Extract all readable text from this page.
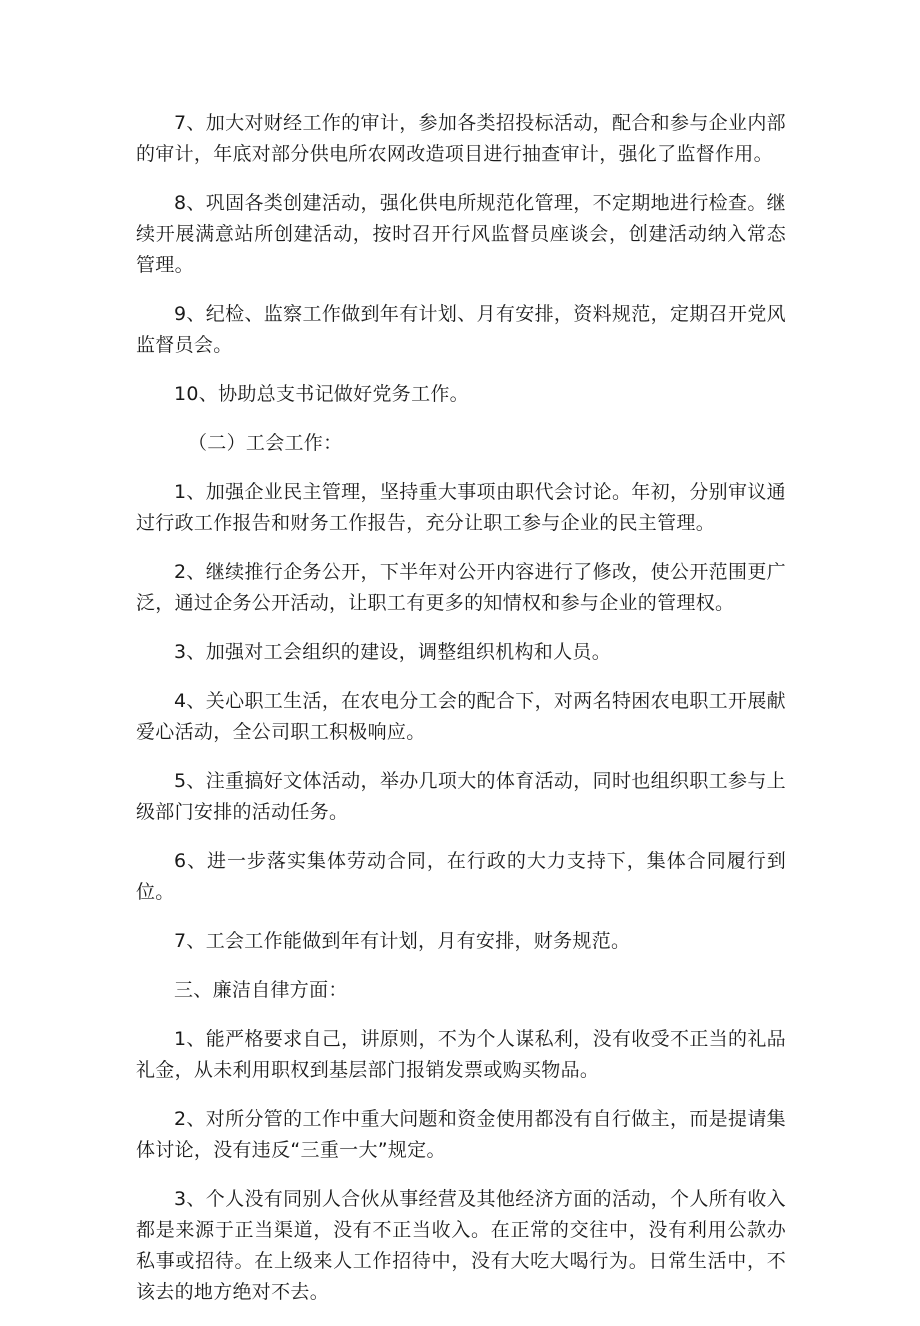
7、加大对财经工作的审计，参加各类招投标活动，配合和参与企业内部的审计，年底对部分供电所农网改造项目进行抽查审计，强化了监督作用。

8、巩固各类创建活动，强化供电所规范化管理，不定期地进行检查。继续开展满意站所创建活动，按时召开行风监督员座谈会，创建活动纳入常态管理。

9、纪检、监察工作做到年有计划、月有安排，资料规范，定期召开党风监督员会。

10、协助总支书记做好党务工作。

（二）工会工作：

1、加强企业民主管理，坚持重大事项由职代会讨论。年初，分别审议通过行政工作报告和财务工作报告，充分让职工参与企业的民主管理。

2、继续推行企务公开，下半年对公开内容进行了修改，使公开范围更广泛，通过企务公开活动，让职工有更多的知情权和参与企业的管理权。

3、加强对工会组织的建设，调整组织机构和人员。

4、关心职工生活，在农电分工会的配合下，对两名特困农电职工开展献爱心活动，全公司职工积极响应。

5、注重搞好文体活动，举办几项大的体育活动，同时也组织职工参与上级部门安排的活动任务。

6、进一步落实集体劳动合同，在行政的大力支持下，集体合同履行到位。

7、工会工作能做到年有计划，月有安排，财务规范。

三、廉洁自律方面：

1、能严格要求自己，讲原则，不为个人谋私利，没有收受不正当的礼品礼金，从未利用职权到基层部门报销发票或购买物品。

2、对所分管的工作中重大问题和资金使用都没有自行做主，而是提请集体讨论，没有违反“三重一大”规定。

3、个人没有同别人合伙从事经营及其他经济方面的活动，个人所有收入都是来源于正当渠道，没有不正当收入。在正常的交往中，没有利用公款办私事或招待。在上级来人工作招待中，没有大吃大喝行为。日常生活中，不该去的地方绝对不去。
